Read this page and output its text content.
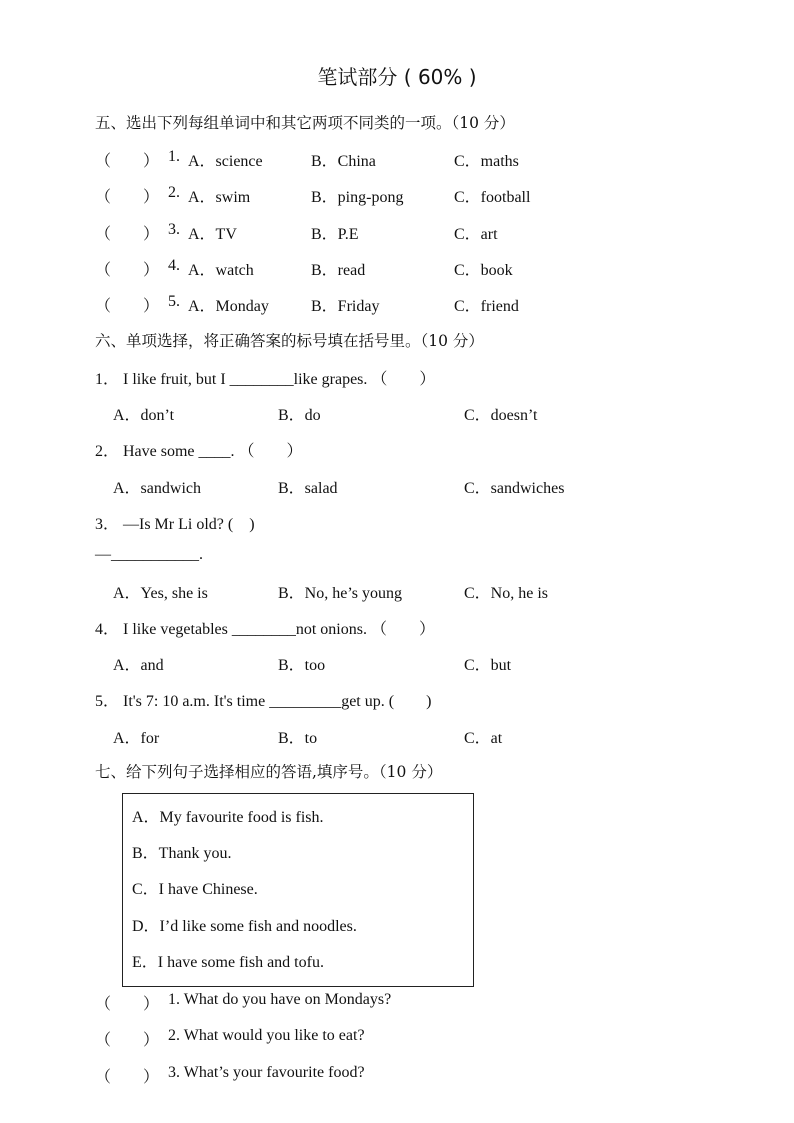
笔试部分 ( 60% )
五、选出下列每组单词中和其它两项不同类的一项。（10 分）
（　　） 1. A．science	B．China	C．maths
（　　） 2. A．swim	B．ping-pong	C．football
（　　） 3. A．TV	B．P.E	C．art
（　　） 4. A．watch	B．read	C．book
（　　） 5. A．Monday	B．Friday	C．friend
六、单项选择，将正确答案的标号填在括号里。（10 分）
1． I like fruit, but I ________like grapes. （　　）
A．don’t	B．do	C．doesn’t
2． Have some ____. （　　）
A．sandwich	B．salad	C．sandwiches
3． —Is Mr Li old? (　)
—___________.
A．Yes, she is	B．No, he’s young	C．No, he is
4． I like vegetables ________not onions. （　　）
A．and	B．too	C．but
5． It's 7: 10 a.m. It's time _________get up. (　　)
A．for	B．to	C．at
七、给下列句子选择相应的答语,填序号。（10 分）
A．My favourite food is fish.
B．Thank you.
C．I have Chinese.
D．I’d like some fish and noodles.
E．I have some fish and tofu.
（　　） 1. What do you have on Mondays?
（　　） 2. What would you like to eat?
（　　） 3. What’s your favourite food?
